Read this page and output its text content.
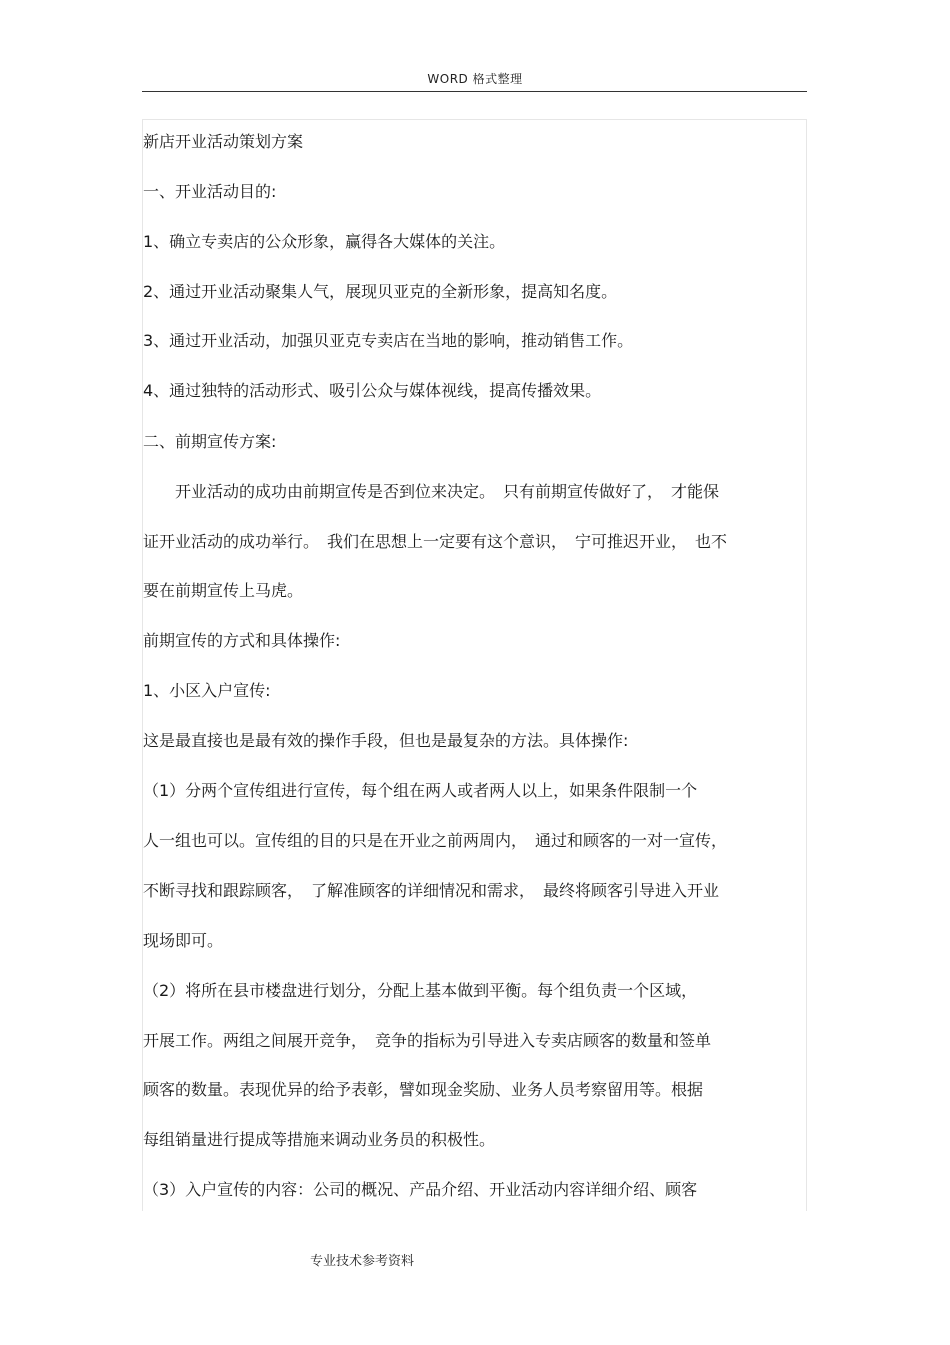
WORD 格式整理
新店开业活动策划方案
一、开业活动目的:
1、确立专卖店的公众形象，赢得各大媒体的关注。
2、通过开业活动聚集人气，展现贝亚克的全新形象，提高知名度。
3、通过开业活动，加强贝亚克专卖店在当地的影响，推动销售工作。
4、通过独特的活动形式、吸引公众与媒体视线，提高传播效果。
二、前期宣传方案:
　　开业活动的成功由前期宣传是否到位来决定。　只有前期宣传做好了，　才能保
证开业活动的成功举行。　我们在思想上一定要有这个意识，　宁可推迟开业，　也不
要在前期宣传上马虎。
前期宣传的方式和具体操作:
1、小区入户宣传:
这是最直接也是最有效的操作手段，但也是最复杂的方法。具体操作:
（1）分两个宣传组进行宣传，每个组在两人或者两人以上，如果条件限制一个
人一组也可以。宣传组的目的只是在开业之前两周内，　通过和顾客的一对一宣传，
不断寻找和跟踪顾客，　了解准顾客的详细情况和需求，　最终将顾客引导进入开业
现场即可。
（2）将所在县市楼盘进行划分，分配上基本做到平衡。每个组负责一个区域，
开展工作。两组之间展开竞争，　竞争的指标为引导进入专卖店顾客的数量和签单
顾客的数量。表现优异的给予表彰，譬如现金奖励、业务人员考察留用等。根据
每组销量进行提成等措施来调动业务员的积极性。
（3）入户宣传的内容：公司的概况、产品介绍、开业活动内容详细介绍、顾客
专业技术参考资料
